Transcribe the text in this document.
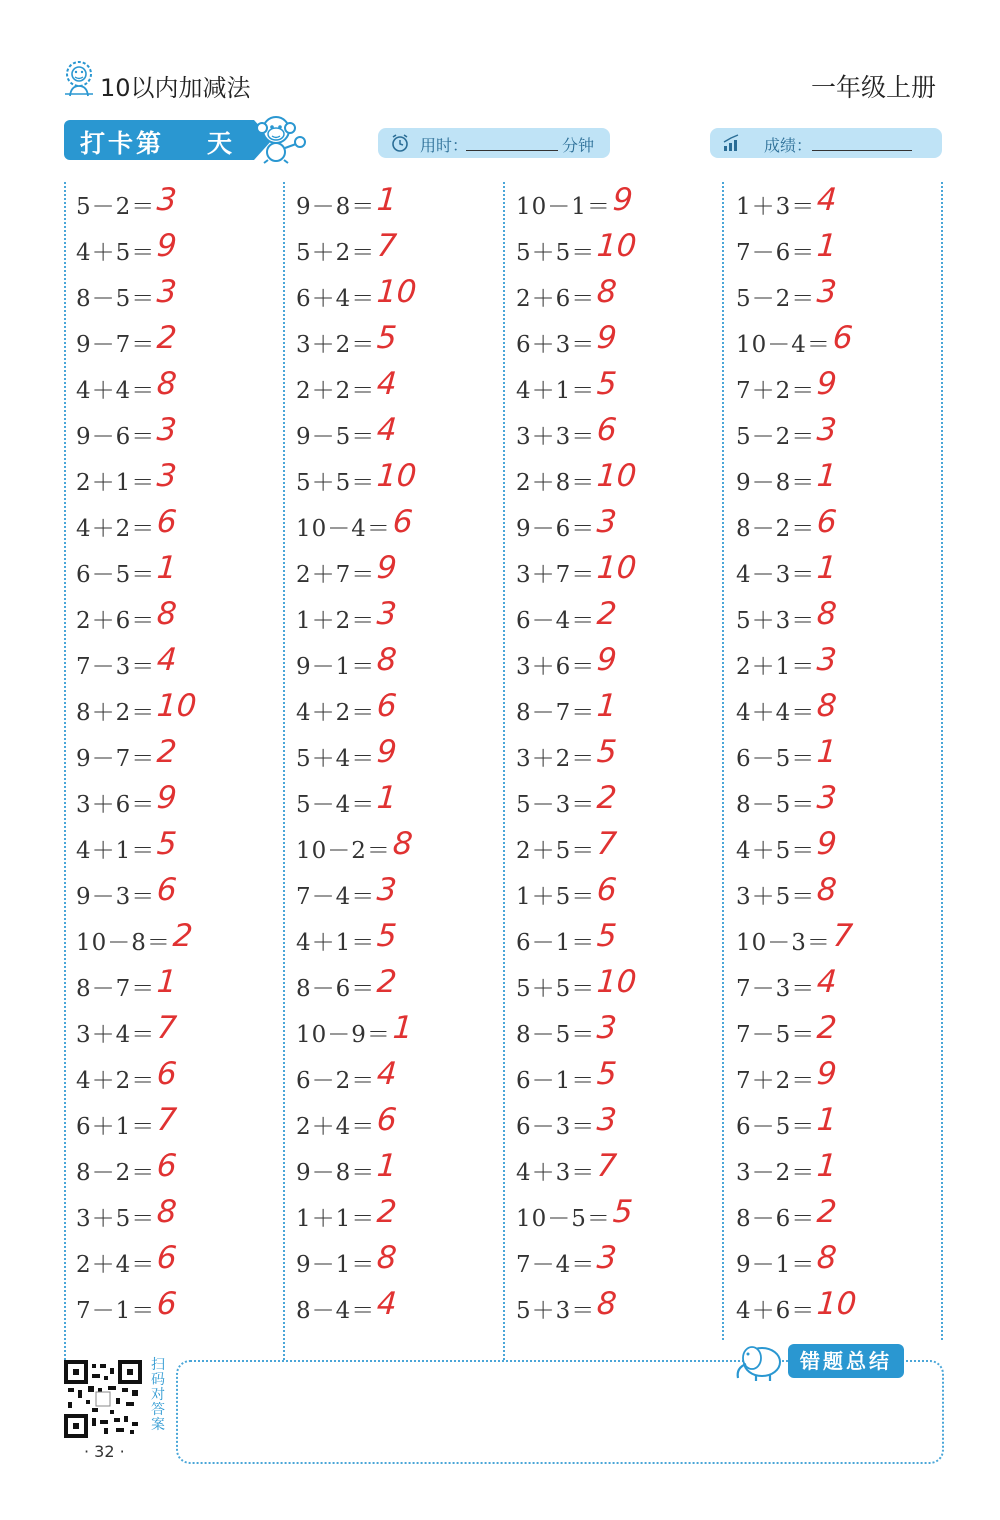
10以内加减法	一年级上册
打卡第 天	用时：	分钟	成绩：
5－2＝ 3
4＋5＝ 9
8－5＝ 3
9－7＝ 2
4＋4＝ 8
9－6＝ 3
2＋1＝ 3
4＋2＝ 6
6－5＝ 1
2＋6＝ 8
7－3＝ 4
8＋2＝ 10
9－7＝ 2
3＋6＝ 9
4＋1＝ 5
9－3＝ 6
10－8＝ 2
8－7＝ 1
3＋4＝ 7
4＋2＝ 6
6＋1＝ 7
8－2＝ 6
3＋5＝ 8
2＋4＝ 6
7－1＝ 6
9－8＝ 1
5＋2＝ 7
6＋4＝ 10
3＋2＝ 5
2＋2＝ 4
9－5＝ 4
5＋5＝ 10
10－4＝ 6
2＋7＝ 9
1＋2＝ 3
9－1＝ 8
4＋2＝ 6
5＋4＝ 9
5－4＝ 1
10－2＝ 8
7－4＝ 3
4＋1＝ 5
8－6＝ 2
10－9＝ 1
6－2＝ 4
2＋4＝ 6
9－8＝ 1
1＋1＝ 2
9－1＝ 8
8－4＝ 4
10－1＝ 9
5＋5＝ 10
2＋6＝ 8
6＋3＝ 9
4＋1＝ 5
3＋3＝ 6
2＋8＝ 10
9－6＝ 3
3＋7＝ 10
6－4＝ 2
3＋6＝ 9
8－7＝ 1
3＋2＝ 5
5－3＝ 2
2＋5＝ 7
1＋5＝ 6
6－1＝ 5
5＋5＝ 10
8－5＝ 3
6－1＝ 5
6－3＝ 3
4＋3＝ 7
10－5＝ 5
7－4＝ 3
5＋3＝ 8
1＋3＝ 4
7－6＝ 1
5－2＝ 3
10－4＝ 6
7＋2＝ 9
5－2＝ 3
9－8＝ 1
8－2＝ 6
4－3＝ 1
5＋3＝ 8
2＋1＝ 3
4＋4＝ 8
6－5＝ 1
8－5＝ 3
4＋5＝ 9
3＋5＝ 8
10－3＝ 7
7－3＝ 4
7－5＝ 2
7＋2＝ 9
6－5＝ 1
3－2＝ 1
8－6＝ 2
9－1＝ 8
4＋6＝ 10
扫码对答案
· 32 ·
错题总结
